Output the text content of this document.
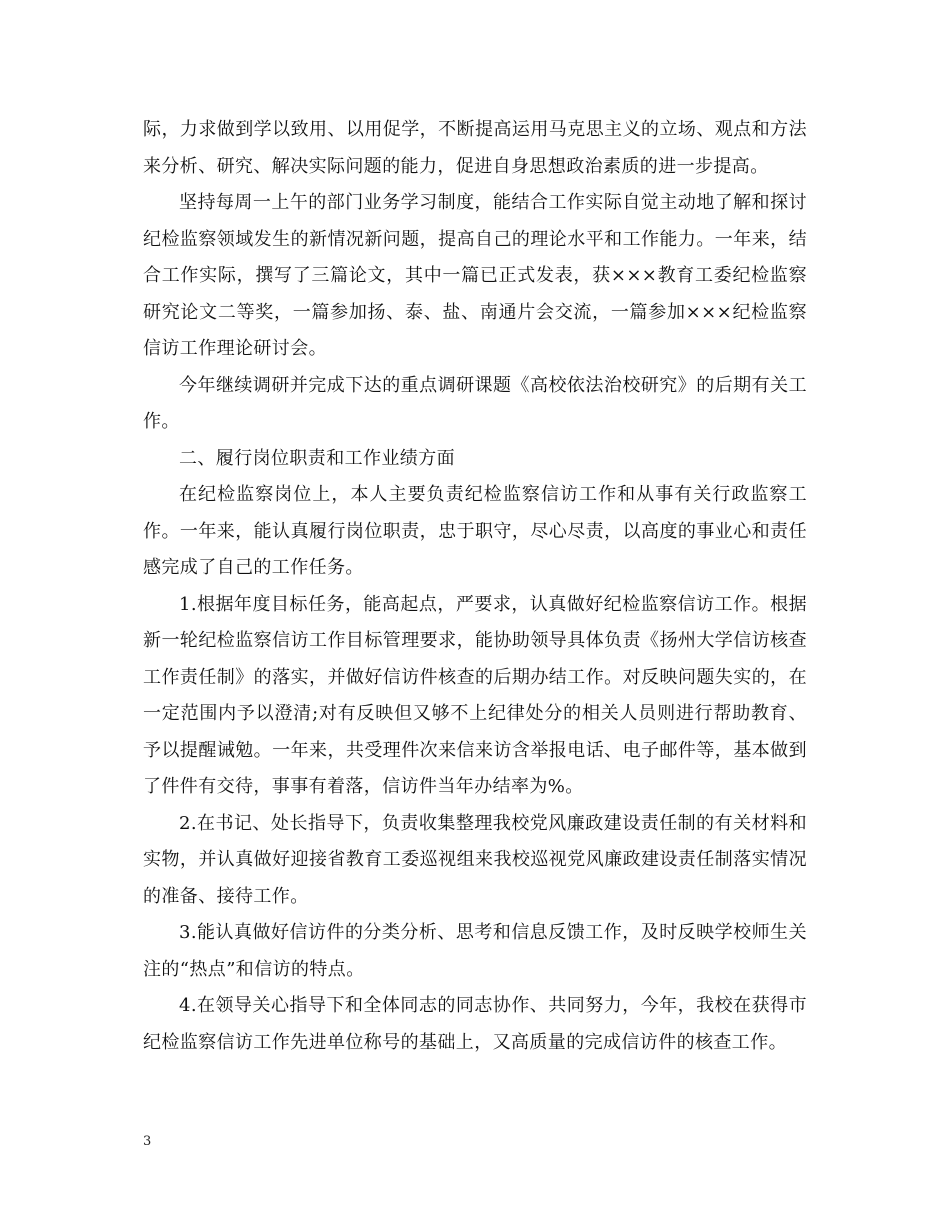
际，力求做到学以致用、以用促学，不断提高运用马克思主义的立场、观点和方法来分析、研究、解决实际问题的能力，促进自身思想政治素质的进一步提高。

坚持每周一上午的部门业务学习制度，能结合工作实际自觉主动地了解和探讨纪检监察领域发生的新情况新问题，提高自己的理论水平和工作能力。一年来，结合工作实际，撰写了三篇论文，其中一篇已正式发表，获×××教育工委纪检监察研究论文二等奖，一篇参加扬、泰、盐、南通片会交流，一篇参加×××纪检监察信访工作理论研讨会。

今年继续调研并完成下达的重点调研课题《高校依法治校研究》的后期有关工作。

二、履行岗位职责和工作业绩方面

在纪检监察岗位上，本人主要负责纪检监察信访工作和从事有关行政监察工作。一年来，能认真履行岗位职责，忠于职守，尽心尽责，以高度的事业心和责任感完成了自己的工作任务。

1.根据年度目标任务，能高起点，严要求，认真做好纪检监察信访工作。根据新一轮纪检监察信访工作目标管理要求，能协助领导具体负责《扬州大学信访核查工作责任制》的落实，并做好信访件核查的后期办结工作。对反映问题失实的，在一定范围内予以澄清;对有反映但又够不上纪律处分的相关人员则进行帮助教育、予以提醒诫勉。一年来，共受理件次来信来访含举报电话、电子邮件等，基本做到了件件有交待，事事有着落，信访件当年办结率为%。

2.在书记、处长指导下，负责收集整理我校党风廉政建设责任制的有关材料和实物，并认真做好迎接省教育工委巡视组来我校巡视党风廉政建设责任制落实情况的准备、接待工作。

3.能认真做好信访件的分类分析、思考和信息反馈工作，及时反映学校师生关注的“热点”和信访的特点。

4.在领导关心指导下和全体同志的同志协作、共同努力，今年，我校在获得市纪检监察信访工作先进单位称号的基础上，又高质量的完成信访件的核查工作。

3
